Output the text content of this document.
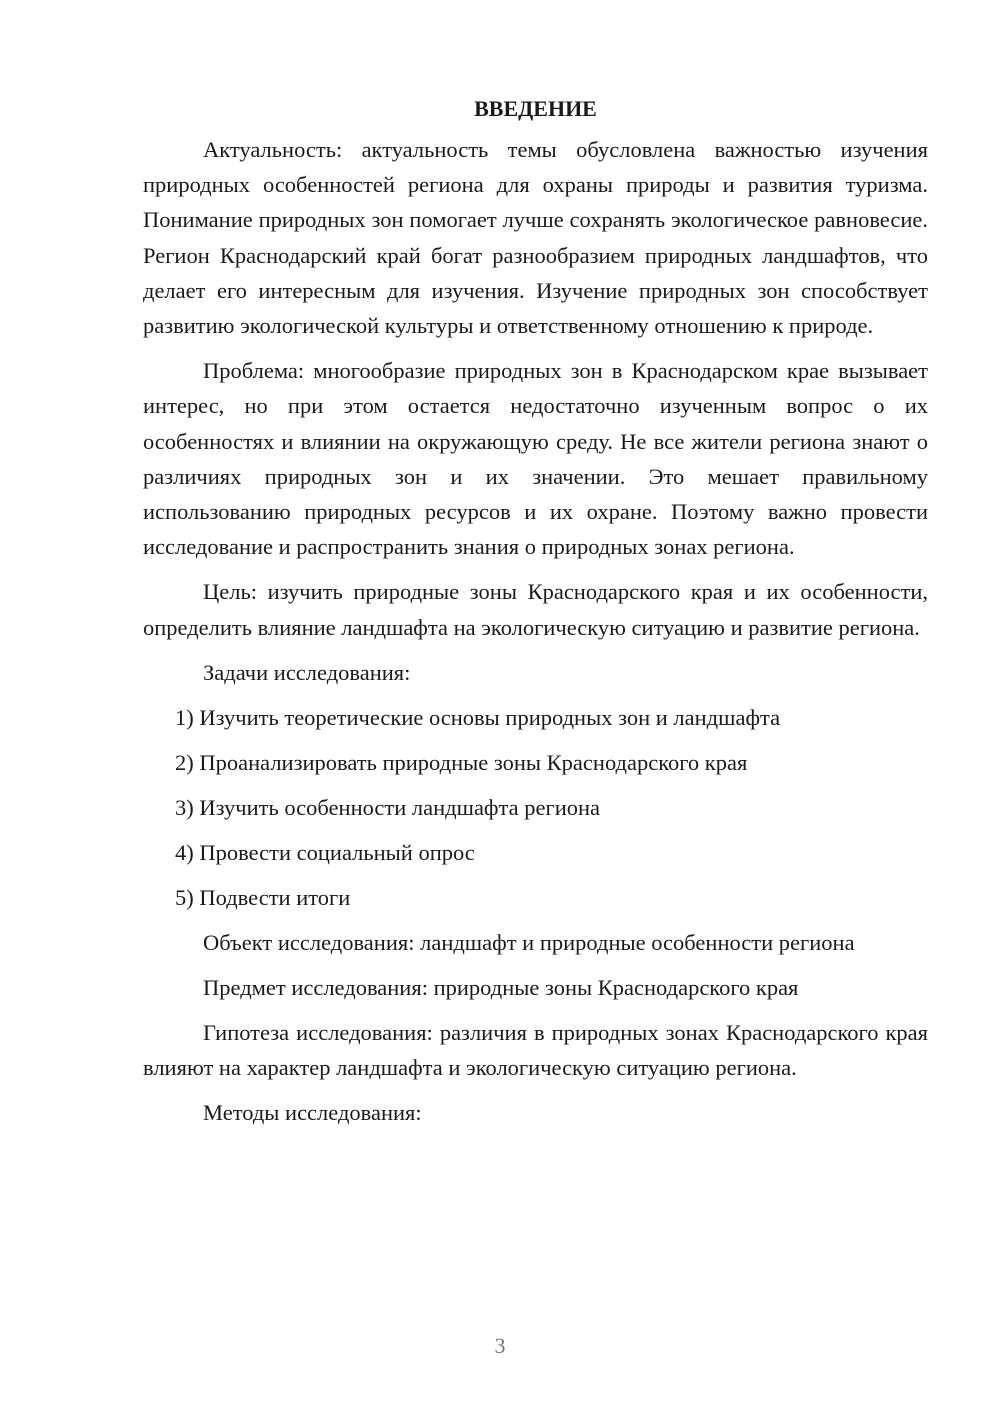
ВВЕДЕНИЕ

Актуальность: актуальность темы обусловлена важностью изучения природных особенностей региона для охраны природы и развития туризма. Понимание природных зон помогает лучше сохранять экологическое равновесие. Регион Краснодарский край богат разнообразием природных ландшафтов, что делает его интересным для изучения. Изучение природных зон способствует развитию экологической культуры и ответственному отношению к природе.

Проблема: многообразие природных зон в Краснодарском крае вызывает интерес, но при этом остается недостаточно изученным вопрос о их особенностях и влиянии на окружающую среду. Не все жители региона знают о различиях природных зон и их значении. Это мешает правильному использованию природных ресурсов и их охране. Поэтому важно провести исследование и распространить знания о природных зонах региона.

Цель: изучить природные зоны Краснодарского края и их особенности, определить влияние ландшафта на экологическую ситуацию и развитие региона.

Задачи исследования:
1) Изучить теоретические основы природных зон и ландшафта
2) Проанализировать природные зоны Краснодарского края
3) Изучить особенности ландшафта региона
4) Провести социальный опрос
5) Подвести итоги
Объект исследования: ландшафт и природные особенности региона
Предмет исследования: природные зоны Краснодарского края

Гипотеза исследования: различия в природных зонах Краснодарского края влияют на характер ландшафта и экологическую ситуацию региона.

Методы исследования:
3
